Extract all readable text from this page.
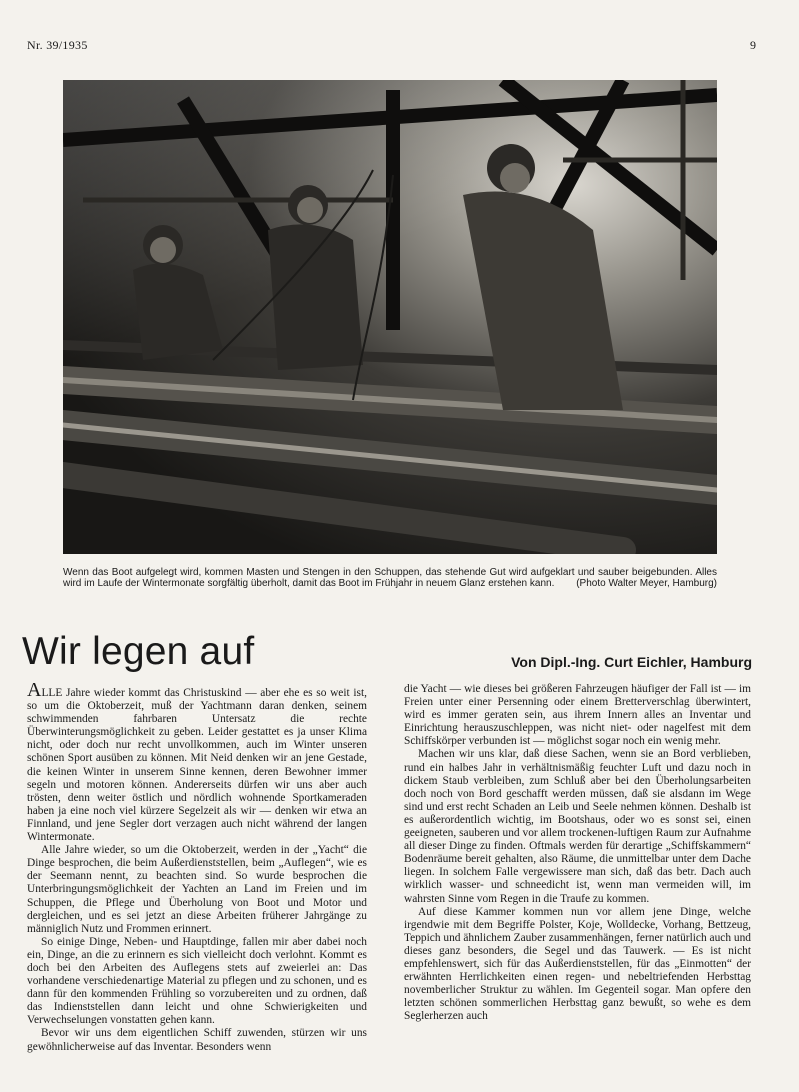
Nr. 39/1935	9
Wenn das Boot aufgelegt wird, kommen Masten und Stengen in den Schuppen, das stehende Gut wird aufgeklart und sauber beigebunden. Alles wird im Laufe der Wintermonate sorgfältig überholt, damit das Boot im Frühjahr in neuem Glanz erstehen kann.	(Photo Walter Meyer, Hamburg)
Wir legen auf	Von Dipl.-Ing. Curt Eichler, Hamburg

ALLE Jahre wieder kommt das Christuskind — aber ehe es so weit ist, so um die Oktoberzeit, muß der Yachtmann daran denken, seinem schwimmenden fahrbaren Untersatz die rechte Überwinterungsmöglichkeit zu geben. Leider gestattet es ja unser Klima nicht, oder doch nur recht unvollkommen, auch im Winter unseren schönen Sport ausüben zu können. Mit Neid denken wir an jene Gestade, die keinen Winter in unserem Sinne kennen, deren Bewohner immer segeln und motoren können. Andererseits dürfen wir uns aber auch trösten, denn weiter östlich und nördlich wohnende Sportkameraden haben ja eine noch viel kürzere Segelzeit als wir — denken wir etwa an Finnland, und jene Segler dort verzagen auch nicht während der langen Wintermonate.

Alle Jahre wieder, so um die Oktoberzeit, werden in der „Yacht“ die Dinge besprochen, die beim Außerdienststellen, beim „Auflegen“, wie es der Seemann nennt, zu beachten sind. So wurde besprochen die Unterbringungsmöglichkeit der Yachten an Land im Freien und im Schuppen, die Pflege und Überholung von Boot und Motor und dergleichen, und es sei jetzt an diese Arbeiten früherer Jahrgänge zu männiglich Nutz und Frommen erinnert.

So einige Dinge, Neben- und Hauptdinge, fallen mir aber dabei noch ein, Dinge, an die zu erinnern es sich vielleicht doch verlohnt. Kommt es doch bei den Arbeiten des Auflegens stets auf zweierlei an: Das vorhandene verschiedenartige Material zu pflegen und zu schonen, und es dann für den kommenden Frühling so vorzubereiten und zu ordnen, daß das Indienststellen dann leicht und ohne Schwierigkeiten und Verwechselungen vonstatten gehen kann.

Bevor wir uns dem eigentlichen Schiff zuwenden, stürzen wir uns gewöhnlicherweise auf das Inventar. Besonders wenn

die Yacht — wie dieses bei größeren Fahrzeugen häufiger der Fall ist — im Freien unter einer Persenning oder einem Bretterverschlag überwintert, wird es immer geraten sein, aus ihrem Innern alles an Inventar und Einrichtung herauszuschleppen, was nicht niet- oder nagelfest mit dem Schiffskörper verbunden ist — möglichst sogar noch ein wenig mehr.

Machen wir uns klar, daß diese Sachen, wenn sie an Bord verblieben, rund ein halbes Jahr in verhältnismäßig feuchter Luft und dazu noch in dickem Staub verbleiben, zum Schluß aber bei den Überholungsarbeiten doch noch von Bord geschafft werden müssen, daß sie alsdann im Wege sind und erst recht Schaden an Leib und Seele nehmen können. Deshalb ist es außerordentlich wichtig, im Bootshaus, oder wo es sonst sei, einen geeigneten, sauberen und vor allem trockenen-luftigen Raum zur Aufnahme all dieser Dinge zu finden. Oftmals werden für derartige „Schiffskammern“ Bodenräume bereit gehalten, also Räume, die unmittelbar unter dem Dache liegen. In solchem Falle vergewissere man sich, daß das betr. Dach auch wirklich wasser- und schneedicht ist, wenn man vermeiden will, im wahrsten Sinne vom Regen in die Traufe zu kommen.

Auf diese Kammer kommen nun vor allem jene Dinge, welche irgendwie mit dem Begriffe Polster, Koje, Wolldecke, Vorhang, Bettzeug, Teppich und ähnlichem Zauber zusammenhängen, ferner natürlich auch und dieses ganz besonders, die Segel und das Tauwerk. — Es ist nicht empfehlenswert, sich für das Außerdienststellen, für das „Einmotten“ der erwähnten Herrlichkeiten einen regen- und nebeltriefenden Herbsttag novemberlicher Struktur zu wählen. Im Gegenteil sogar. Man opfere den letzten schönen sommerlichen Herbsttag ganz bewußt, so wehe es dem Seglerherzen auch
